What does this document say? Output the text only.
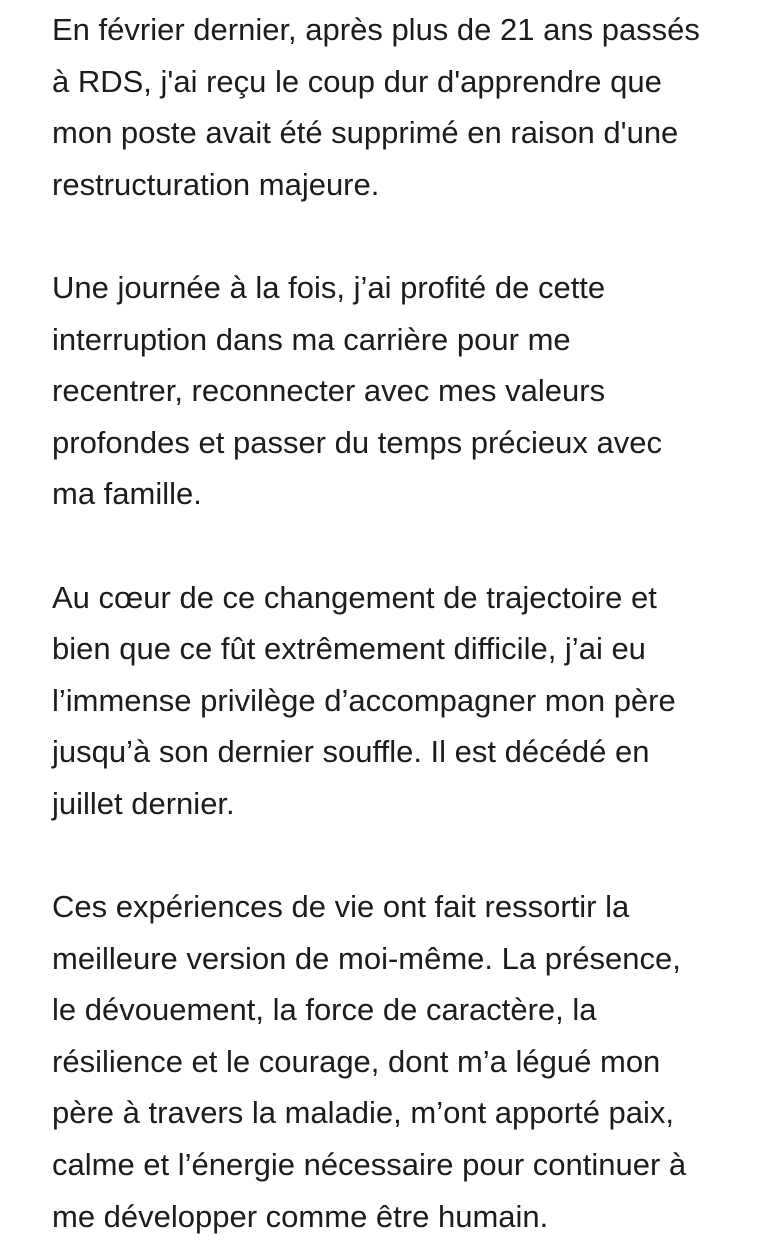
En février dernier, après plus de 21 ans passés
à RDS, j'ai reçu le coup dur d'apprendre que
mon poste avait été supprimé en raison d'une
restructuration majeure.
Une journée à la fois, j’ai profité de cette
interruption dans ma carrière pour me
recentrer, reconnecter avec mes valeurs
profondes et passer du temps précieux avec
ma famille.
Au cœur de ce changement de trajectoire et
bien que ce fût extrêmement difficile, j’ai eu
l’immense privilège d’accompagner mon père
jusqu’à son dernier souffle. Il est décédé en
juillet dernier.
Ces expériences de vie ont fait ressortir la
meilleure version de moi-même. La présence,
le dévouement, la force de caractère, la
résilience et le courage, dont m’a légué mon
père à travers la maladie, m’ont apporté paix,
calme et l’énergie nécessaire pour continuer à
me développer comme être humain.
